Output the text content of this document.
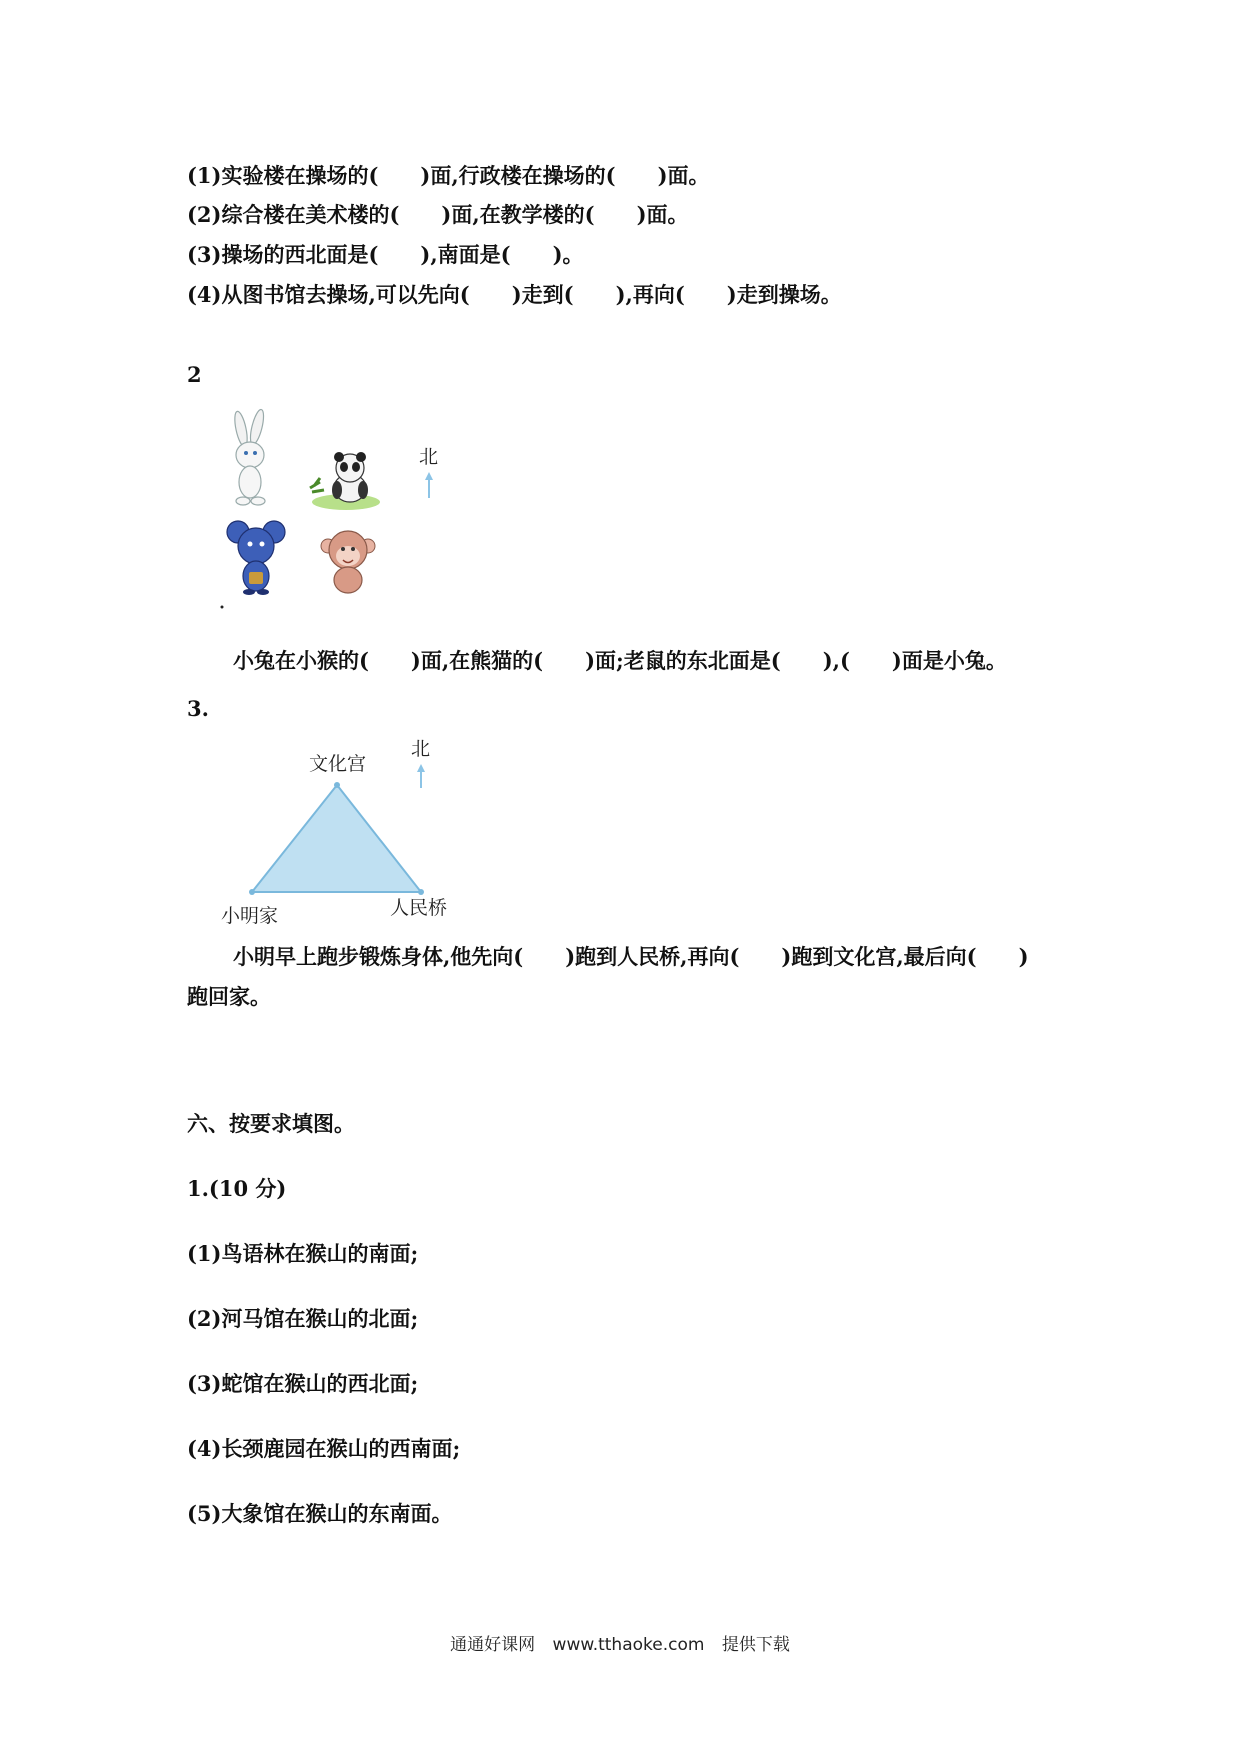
(1)实验楼在操场的(　　)面,行政楼在操场的(　　)面。
(2)综合楼在美术楼的(　　)面,在教学楼的(　　)面。
(3)操场的西北面是(　　),南面是(　　)。
(4)从图书馆去操场,可以先向(　　)走到(　　),再向(　　)走到操场。
2
北
小兔在小猴的(　　)面,在熊猫的(　　)面;老鼠的东北面是(　　),(　　)面是小兔。
3.
文化宫
小明家	人民桥
北
小明早上跑步锻炼身体,他先向(　　)跑到人民桥,再向(　　)跑到文化宫,最后向(　　)
跑回家。
六、按要求填图。
1.(10 分)
(1)鸟语林在猴山的南面;
(2)河马馆在猴山的北面;
(3)蛇馆在猴山的西北面;
(4)长颈鹿园在猴山的西南面;
(5)大象馆在猴山的东南面。
通通好课网 www.tthaoke.com 提供下载
